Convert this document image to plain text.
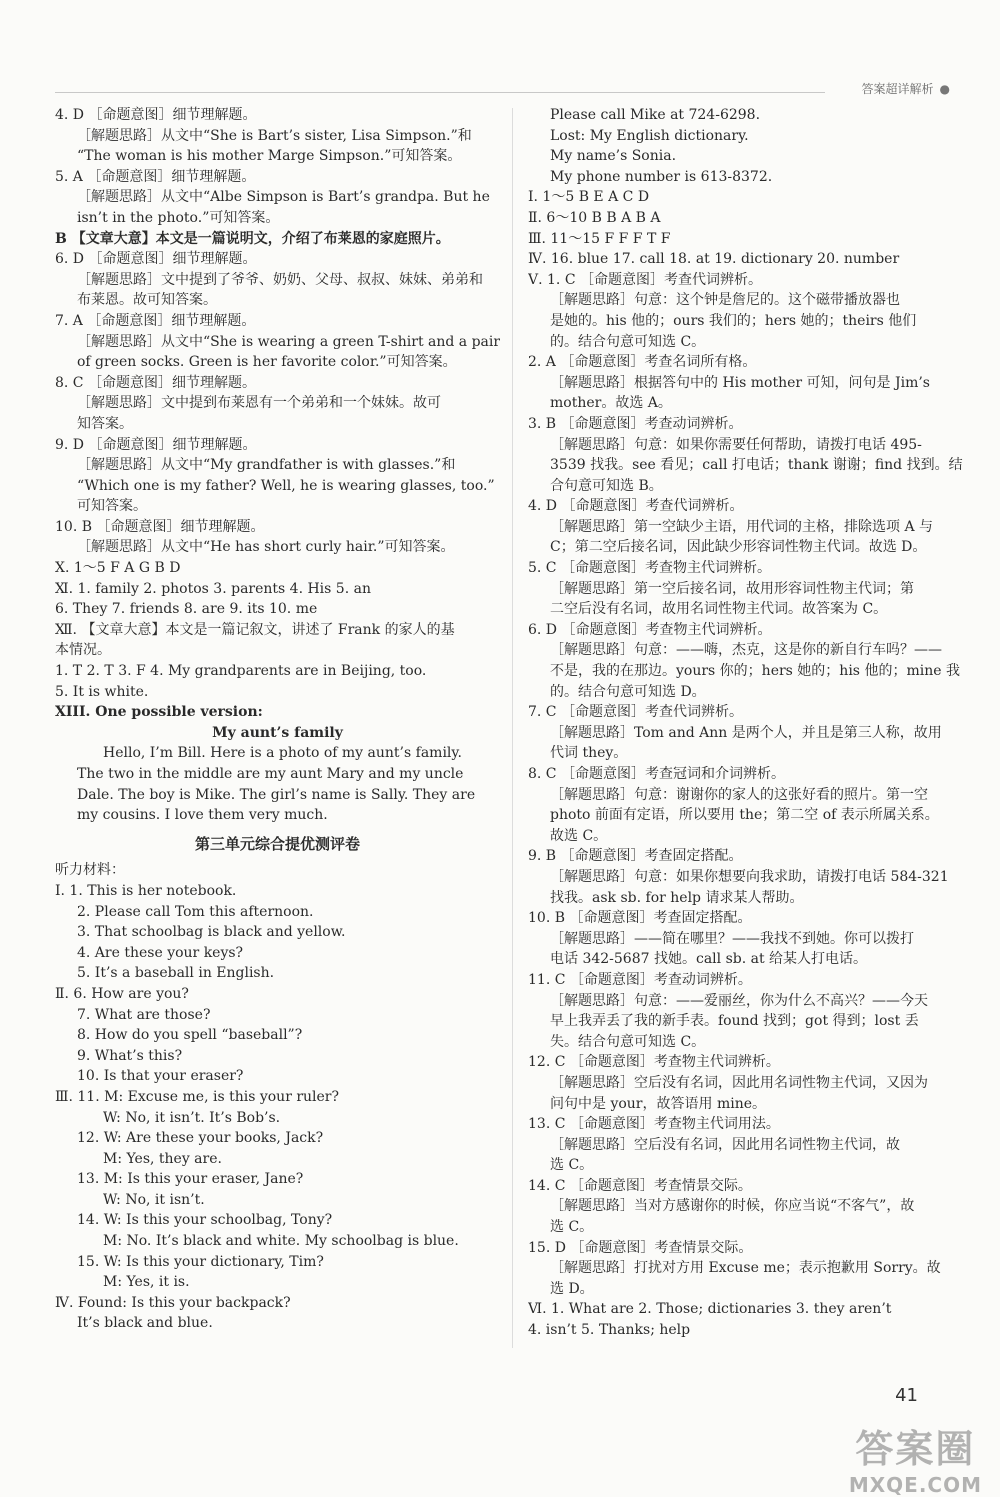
答案超详解析 ●
4. D ［命题意图］细节理解题。
［解题思路］从文中“She is Bart’s sister, Lisa Simpson.”和
“The woman is his mother Marge Simpson.”可知答案。
5. A ［命题意图］细节理解题。
［解题思路］从文中“Albe Simpson is Bart’s grandpa. But he
isn’t in the photo.”可知答案。
B 【文章大意】本文是一篇说明文，介绍了布莱恩的家庭照片。
6. D ［命题意图］细节理解题。
［解题思路］文中提到了爷爷、奶奶、父母、叔叔、妹妹、弟弟和
布莱恩。故可知答案。
7. A ［命题意图］细节理解题。
［解题思路］从文中“She is wearing a green T-shirt and a pair
of green socks. Green is her favorite color.”可知答案。
8. C ［命题意图］细节理解题。
［解题思路］文中提到布莱恩有一个弟弟和一个妹妹。故可
知答案。
9. D ［命题意图］细节理解题。
［解题思路］从文中“My grandfather is with glasses.”和
“Which one is my father? Well, he is wearing glasses, too.”
可知答案。
10. B ［命题意图］细节理解题。
［解题思路］从文中“He has short curly hair.”可知答案。
Ⅹ. 1～5 F A G B D
Ⅺ. 1. family 2. photos 3. parents 4. His 5. an
6. They 7. friends 8. are 9. its 10. me
Ⅻ. 【文章大意】本文是一篇记叙文，讲述了 Frank 的家人的基
本情况。
1. T 2. T 3. F 4. My grandparents are in Beijing, too.
5. It is white.
XIII. One possible version:
My aunt’s family
Hello, I’m Bill. Here is a photo of my aunt’s family.
The two in the middle are my aunt Mary and my uncle
Dale. The boy is Mike. The girl’s name is Sally. They are
my cousins. I love them very much.
第三单元综合提优测评卷
听力材料：
Ⅰ. 1. This is her notebook.
2. Please call Tom this afternoon.
3. That schoolbag is black and yellow.
4. Are these your keys?
5. It’s a baseball in English.
Ⅱ. 6. How are you?
7. What are those?
8. How do you spell “baseball”?
9. What’s this?
10. Is that your eraser?
Ⅲ. 11. M: Excuse me, is this your ruler?
W: No, it isn’t. It’s Bob’s.
12. W: Are these your books, Jack?
M: Yes, they are.
13. M: Is this your eraser, Jane?
W: No, it isn’t.
14. W: Is this your schoolbag, Tony?
M: No. It’s black and white. My schoolbag is blue.
15. W: Is this your dictionary, Tim?
M: Yes, it is.
Ⅳ. Found: Is this your backpack?
It’s black and blue.
Please call Mike at 724-6298.
Lost: My English dictionary.
My name’s Sonia.
My phone number is 613-8372.
Ⅰ. 1～5 B E A C D
Ⅱ. 6～10 B B A B A
Ⅲ. 11～15 F F F T F
Ⅳ. 16. blue 17. call 18. at 19. dictionary 20. number
Ⅴ. 1. C ［命题意图］考查代词辨析。
［解题思路］句意：这个钟是詹尼的。这个磁带播放器也
是她的。his 他的；ours 我们的；hers 她的；theirs 他们
的。结合句意可知选 C。
2. A ［命题意图］考查名词所有格。
［解题思路］根据答句中的 His mother 可知，问句是 Jim’s
mother。故选 A。
3. B ［命题意图］考查动词辨析。
［解题思路］句意：如果你需要任何帮助，请拨打电话 495-
3539 找我。see 看见；call 打电话；thank 谢谢；find 找到。结
合句意可知选 B。
4. D ［命题意图］考查代词辨析。
［解题思路］第一空缺少主语，用代词的主格，排除选项 A 与
C；第二空后接名词，因此缺少形容词性物主代词。故选 D。
5. C ［命题意图］考查物主代词辨析。
［解题思路］第一空后接名词，故用形容词性物主代词；第
二空后没有名词，故用名词性物主代词。故答案为 C。
6. D ［命题意图］考查物主代词辨析。
［解题思路］句意：——嗨，杰克，这是你的新自行车吗？——
不是，我的在那边。yours 你的；hers 她的；his 他的；mine 我
的。结合句意可知选 D。
7. C ［命题意图］考查代词辨析。
［解题思路］Tom and Ann 是两个人，并且是第三人称，故用
代词 they。
8. C ［命题意图］考查冠词和介词辨析。
［解题思路］句意：谢谢你的家人的这张好看的照片。第一空
photo 前面有定语，所以要用 the；第二空 of 表示所属关系。
故选 C。
9. B ［命题意图］考查固定搭配。
［解题思路］句意：如果你想要向我求助，请拨打电话 584-321
找我。ask sb. for help 请求某人帮助。
10. B ［命题意图］考查固定搭配。
［解题思路］——简在哪里？——我找不到她。你可以拨打
电话 342-5687 找她。call sb. at 给某人打电话。
11. C ［命题意图］考查动词辨析。
［解题思路］句意：——爱丽丝，你为什么不高兴？——今天
早上我弄丢了我的新手表。found 找到；got 得到；lost 丢
失。结合句意可知选 C。
12. C ［命题意图］考查物主代词辨析。
［解题思路］空后没有名词，因此用名词性物主代词，又因为
问句中是 your，故答语用 mine。
13. C ［命题意图］考查物主代词用法。
［解题思路］空后没有名词，因此用名词性物主代词，故
选 C。
14. C ［命题意图］考查情景交际。
［解题思路］当对方感谢你的时候，你应当说“不客气”，故
选 C。
15. D ［命题意图］考查情景交际。
［解题思路］打扰对方用 Excuse me；表示抱歉用 Sorry。故
选 D。
Ⅵ. 1. What are 2. Those; dictionaries 3. they aren’t
4. isn’t 5. Thanks; help
41
答案圈
MXQE.COM
